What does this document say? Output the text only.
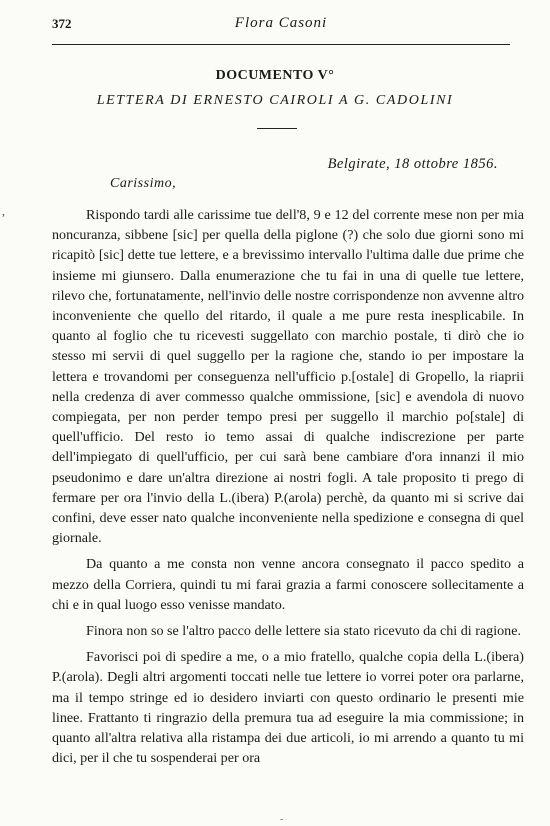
372	Flora Casoni
DOCUMENTO V°
LETTERA DI ERNESTO CAIROLI A G. CADOLINI
Belgirate, 18 ottobre 1856.
Carissimo,
,	Rispondo tardi alle carissime tue dell'8, 9 e 12 del corrente mese non per mia noncuranza, sibbene [sic] per quella della piglone (?) che solo due giorni sono mi ricapitò [sic] dette tue lettere, e a brevissimo intervallo l'ultima dalle due prime che insieme mi giunsero. Dalla enumerazione che tu fai in una di quelle tue lettere, rilevo che, fortunatamente, nell'invio delle nostre corrispondenze non avvenne altro inconveniente che quello del ritardo, il quale a me pure resta inesplicabile. In quanto al foglio che tu ricevesti suggellato con marchio postale, ti dirò che io stesso mi servii di quel suggello per la ragione che, stando io per impostare la lettera e trovandomi per conseguenza nell'ufficio p.[ostale] di Gropello, la riaprii nella credenza di aver commesso qualche ommissione, [sic] e avendola di nuovo compiegata, per non perder tempo presi per suggello il marchio po[stale] di quell'ufficio. Del resto io temo assai di qualche indiscrezione per parte dell'impiegato di quell'ufficio, per cui sarà bene cambiare d'ora innanzi il mio pseudonimo e dare un'altra direzione ai nostri fogli. A tale proposito ti prego di fermare per ora l'invio della L.(ibera) P.(arola) perchè, da quanto mi si scrive dai confini, deve esser nato qualche inconveniente nella spedizione e consegna di quel giornale.

Da quanto a me consta non venne ancora consegnato il pacco spedito a mezzo della Corriera, quindi tu mi farai grazia a farmi conoscere sollecitamente a chi e in qual luogo esso venisse mandato.

Finora non so se l'altro pacco delle lettere sia stato ricevuto da chi di ragione.

Favorisci poi di spedire a me, o a mio fratello, qualche copia della L.(ibera) P.(arola). Degli altri argomenti toccati nelle tue lettere io vorrei poter ora parlarne, ma il tempo stringe ed io desidero inviarti con questo ordinario le presenti mie linee. Frattanto ti ringrazio della premura tua ad eseguire la mia commissione; in quanto all'altra relativa alla ristampa dei due articoli, io mi arrendo a quanto tu mi dici, per il che tu sospenderai per ora

-
